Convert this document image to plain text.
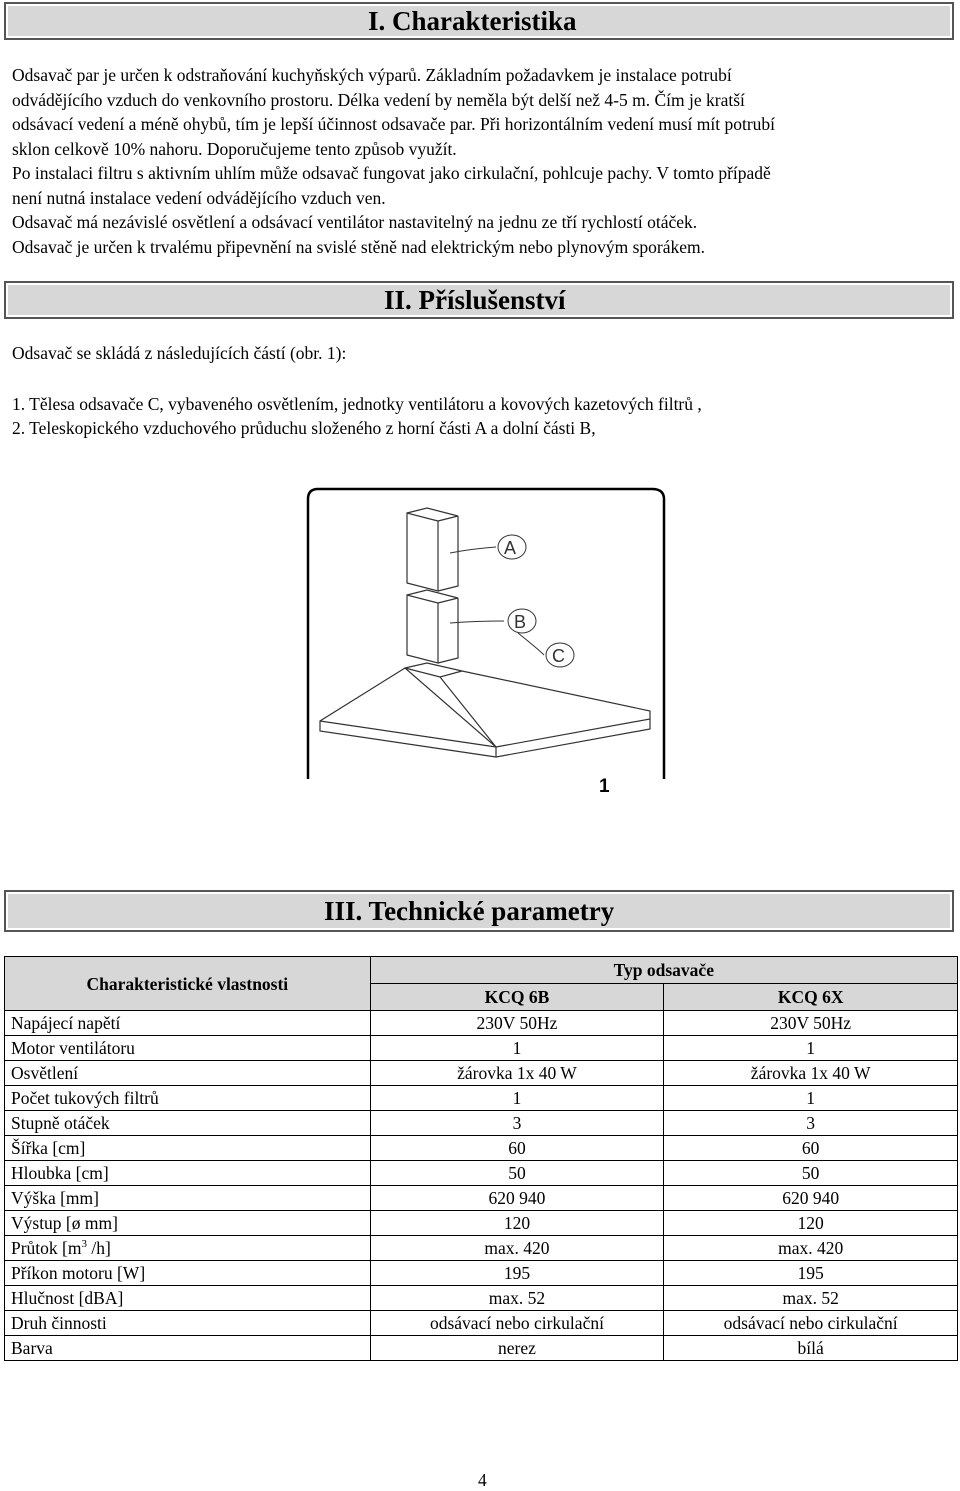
I. Charakteristika
Odsavač par je určen k odstraňování kuchyňských výparů. Základním požadavkem je instalace potrubí
odvádějícího vzduch do venkovního prostoru. Délka vedení by neměla být delší než 4-5 m. Čím je kratší
odsávací vedení a méně ohybů, tím je lepší účinnost odsavače par. Při horizontálním vedení musí mít potrubí
sklon celkově 10% nahoru. Doporučujeme tento způsob využít.
Po instalaci filtru s aktivním uhlím může odsavač fungovat jako cirkulační, pohlcuje pachy. V tomto případě
není nutná instalace vedení odvádějícího vzduch ven.
Odsavač má nezávislé osvětlení a odsávací ventilátor nastavitelný na jednu ze tří rychlostí otáček.
Odsavač je určen k trvalému připevnění na svislé stěně nad elektrickým nebo plynovým sporákem.
II. Příslušenství
Odsavač se skládá z následujících částí (obr. 1):
1. Tělesa odsavače C, vybaveného osvětlením, jednotky ventilátoru a kovových kazetových filtrů ,
2. Teleskopického vzduchového průduchu složeného z horní části A a dolní části B,
A
B
C
1
III. Technické parametry
Charakteristické vlastnosti	Typ odsavače	
	KCQ 6B	KCQ 6X
Napájecí napětí	230V 50Hz	230V 50Hz
Motor ventilátoru	1	1
Osvětlení	žárovka 1x 40 W	žárovka 1x 40 W
Počet tukových filtrů	1	1
Stupně otáček	3	3
Šířka [cm]	60	60
Hloubka [cm]	50	50
Výška [mm]	620 940	620 940
Výstup [ø mm]	120	120
Průtok [$m^3$ /h]	max. 420	max. 420
Příkon motoru [W]	195	195
Hlučnost [dBA]	max. 52	max. 52
Druh činnosti	odsávací nebo cirkulační	odsávací nebo cirkulační
Barva	nerez	bílá
4
